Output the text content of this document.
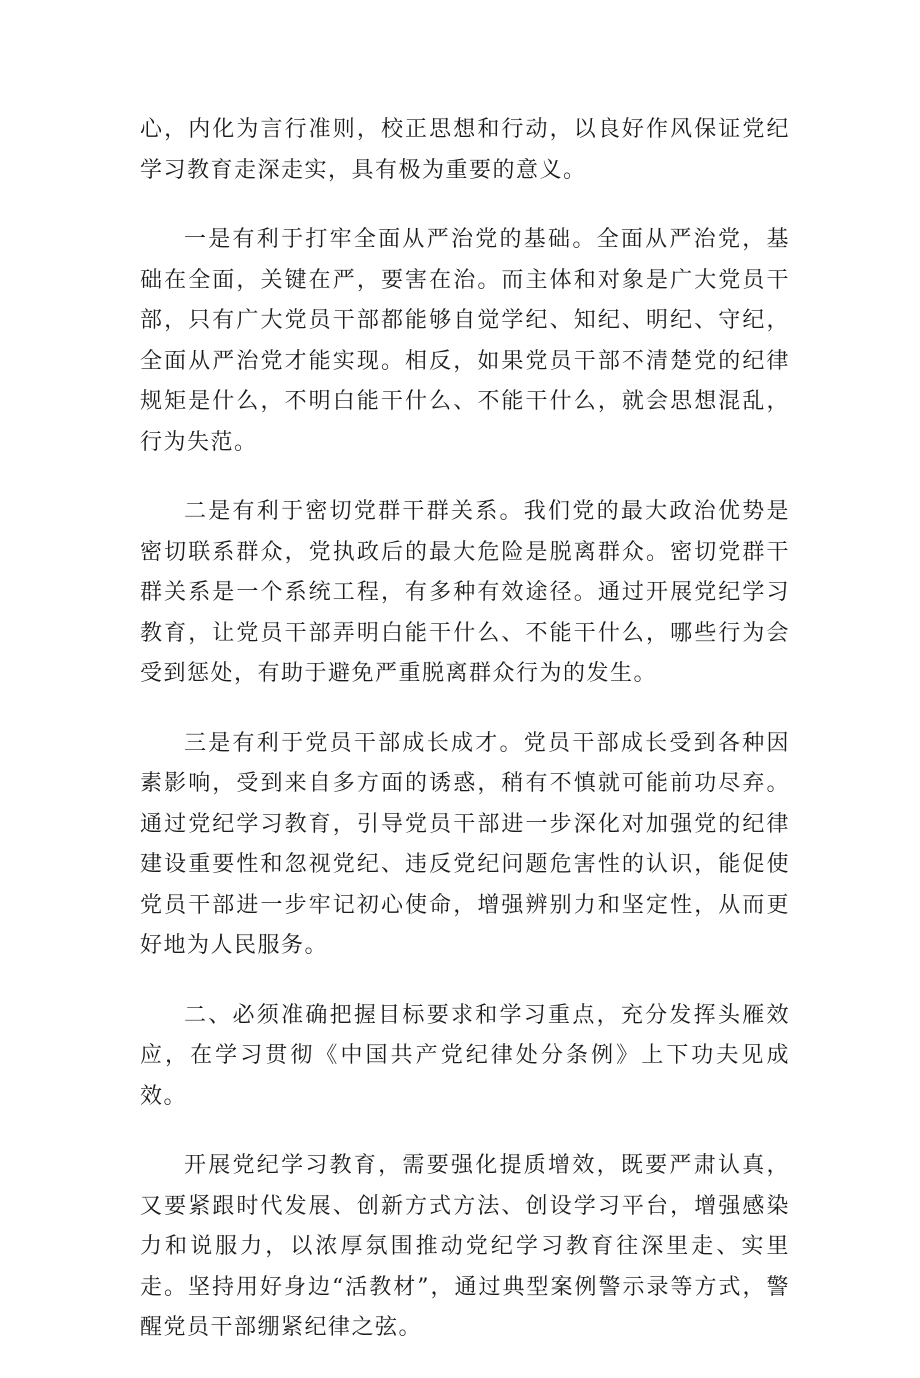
心，内化为言行准则，校正思想和行动，以良好作风保证党纪学习教育走深走实，具有极为重要的意义。

一是有利于打牢全面从严治党的基础。全面从严治党，基础在全面，关键在严，要害在治。而主体和对象是广大党员干部，只有广大党员干部都能够自觉学纪、知纪、明纪、守纪，全面从严治党才能实现。相反，如果党员干部不清楚党的纪律规矩是什么，不明白能干什么、不能干什么，就会思想混乱，行为失范。

二是有利于密切党群干群关系。我们党的最大政治优势是密切联系群众，党执政后的最大危险是脱离群众。密切党群干群关系是一个系统工程，有多种有效途径。通过开展党纪学习教育，让党员干部弄明白能干什么、不能干什么，哪些行为会受到惩处，有助于避免严重脱离群众行为的发生。

三是有利于党员干部成长成才。党员干部成长受到各种因素影响，受到来自多方面的诱惑，稍有不慎就可能前功尽弃。通过党纪学习教育，引导党员干部进一步深化对加强党的纪律建设重要性和忽视党纪、违反党纪问题危害性的认识，能促使党员干部进一步牢记初心使命，增强辨别力和坚定性，从而更好地为人民服务。

二、必须准确把握目标要求和学习重点，充分发挥头雁效应，在学习贯彻《中国共产党纪律处分条例》上下功夫见成效。

开展党纪学习教育，需要强化提质增效，既要严肃认真，又要紧跟时代发展、创新方式方法、创设学习平台，增强感染力和说服力，以浓厚氛围推动党纪学习教育往深里走、实里走。坚持用好身边“活教材”，通过典型案例警示录等方式，警醒党员干部绷紧纪律之弦。
